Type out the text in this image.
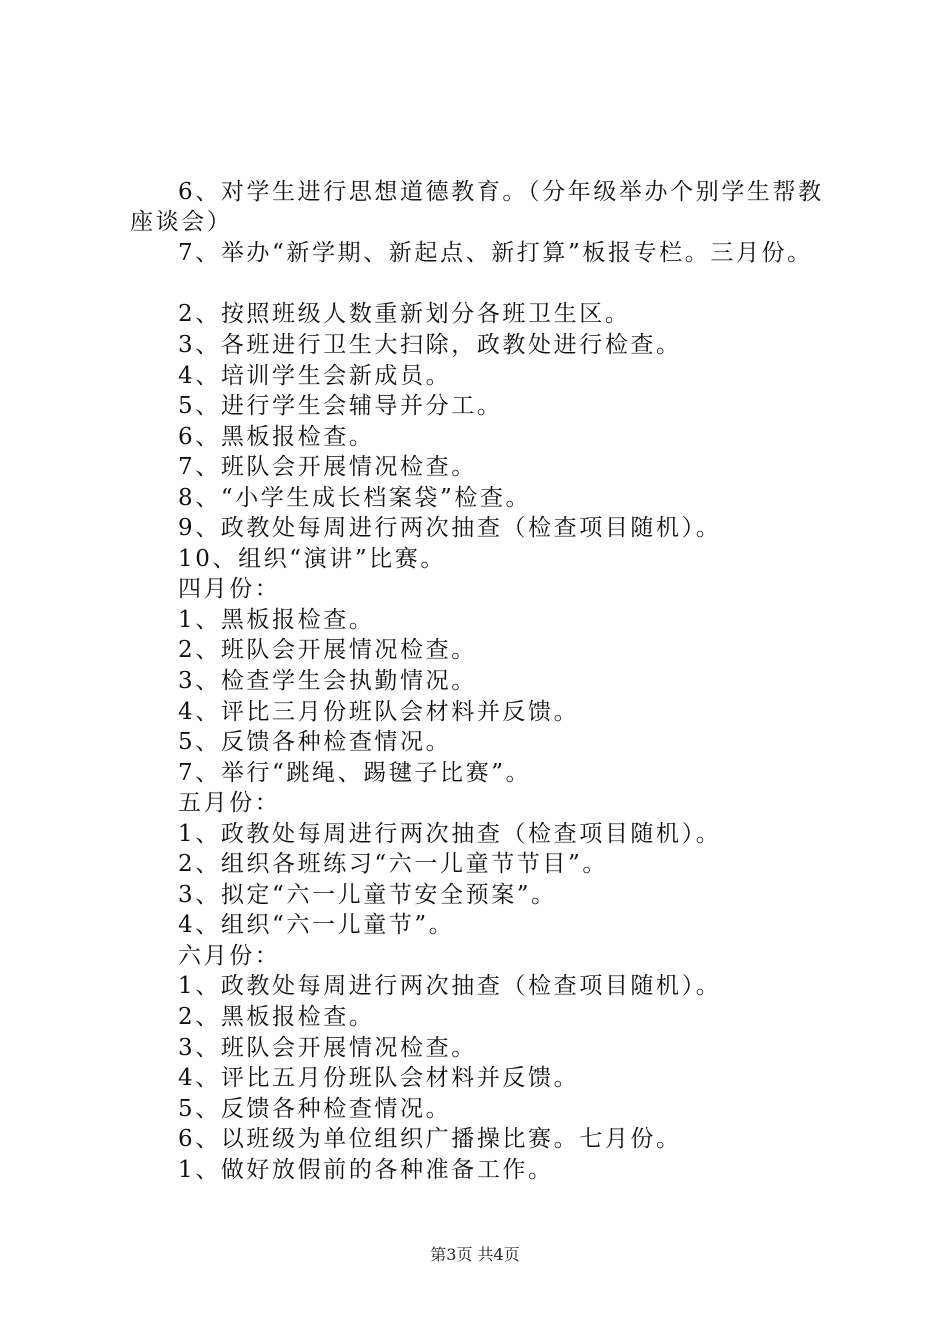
6、对学生进行思想道德教育。（分年级举办个别学生帮教
座谈会）
7、举办“新学期、新起点、新打算”板报专栏。三月份。
2、按照班级人数重新划分各班卫生区。
3、各班进行卫生大扫除，政教处进行检查。
4、培训学生会新成员。
5、进行学生会辅导并分工。
6、黑板报检查。
7、班队会开展情况检查。
8、“小学生成长档案袋”检查。
9、政教处每周进行两次抽查（检查项目随机）。
10、组织“演讲”比赛。
四月份：
1、黑板报检查。
2、班队会开展情况检查。
3、检查学生会执勤情况。
4、评比三月份班队会材料并反馈。
5、反馈各种检查情况。
7、举行“跳绳、踢毽子比赛”。
五月份：
1、政教处每周进行两次抽查（检查项目随机）。
2、组织各班练习“六一儿童节节目”。
3、拟定“六一儿童节安全预案”。
4、组织“六一儿童节”。
六月份：
1、政教处每周进行两次抽查（检查项目随机）。
2、黑板报检查。
3、班队会开展情况检查。
4、评比五月份班队会材料并反馈。
5、反馈各种检查情况。
6、以班级为单位组织广播操比赛。七月份。
1、做好放假前的各种准备工作。
第3页 共4页
